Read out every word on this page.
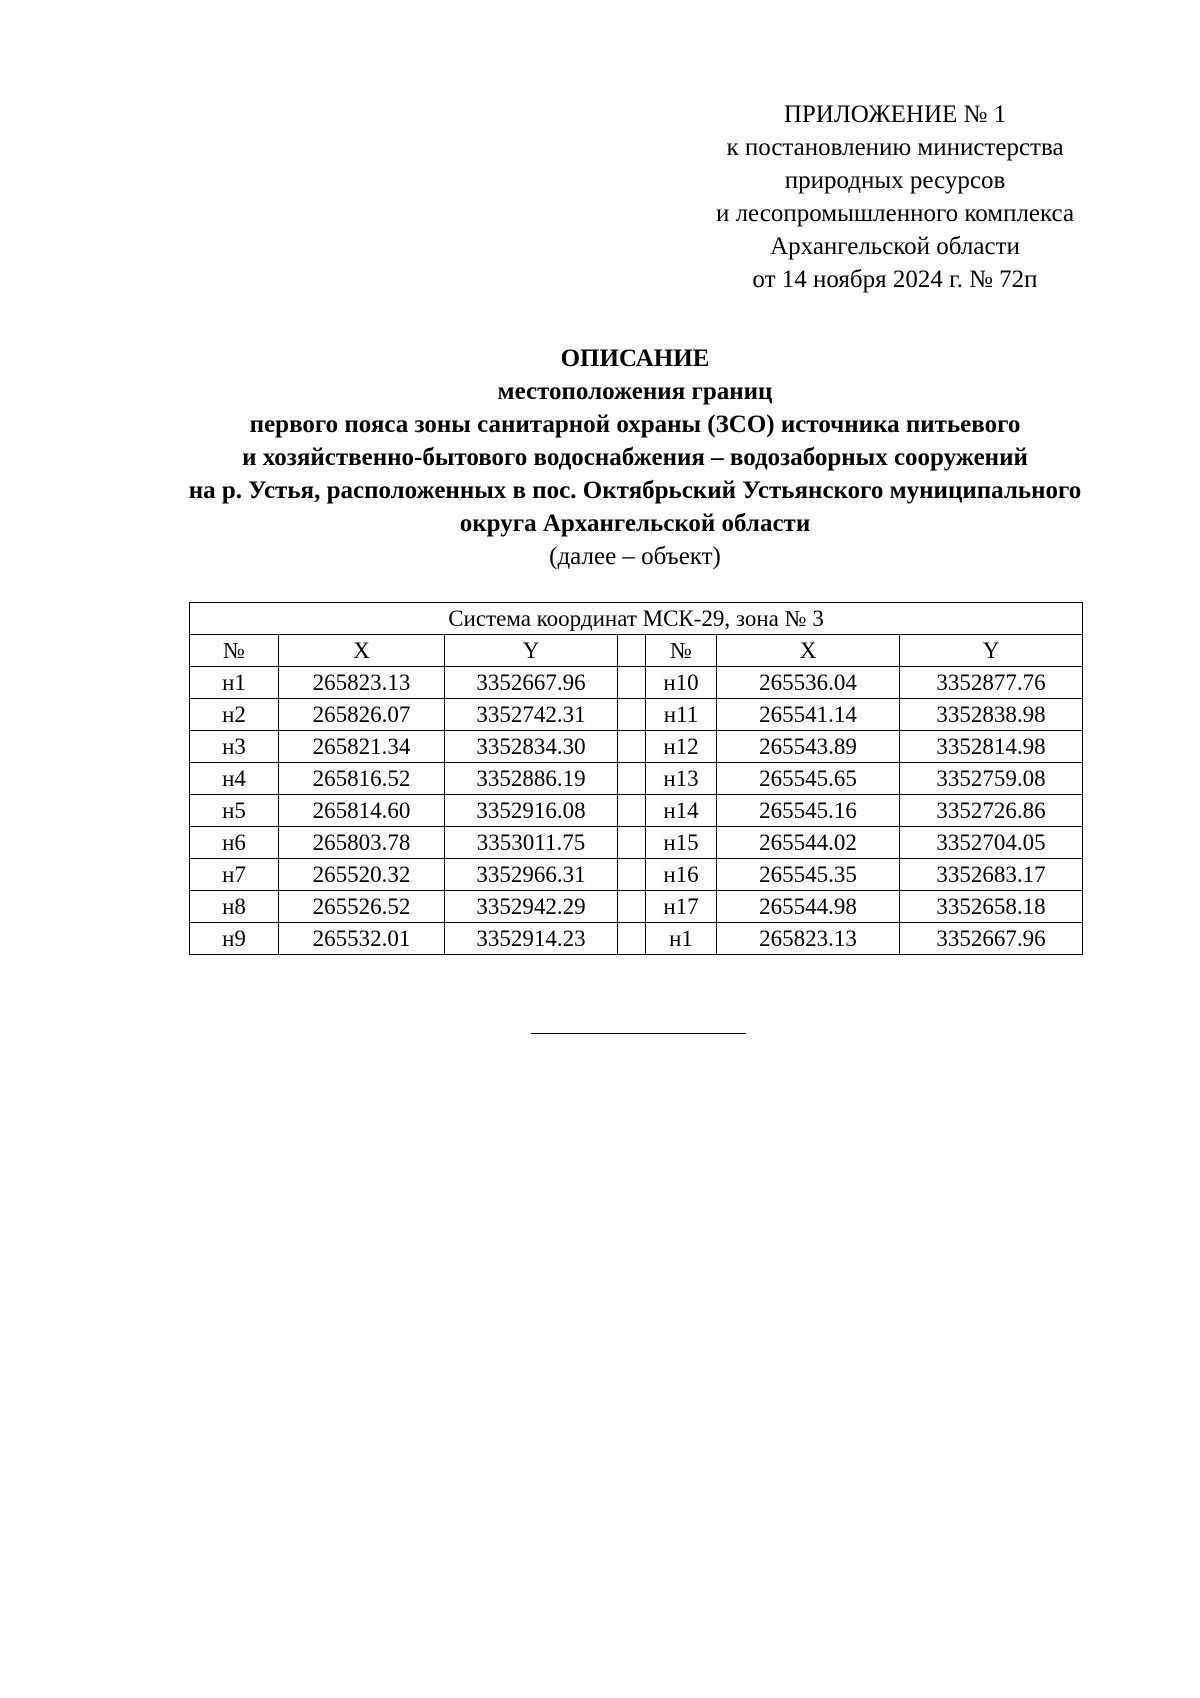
ПРИЛОЖЕНИЕ № 1
к постановлению министерства
природных ресурсов
и лесопромышленного комплекса
Архангельской области
от 14 ноября 2024 г. № 72п
ОПИСАНИЕ
местоположения границ
первого пояса зоны санитарной охраны (ЗСО) источника питьевого
и хозяйственно-бытового водоснабжения – водозаборных сооружений
на р. Устья, расположенных в пос. Октябрьский Устьянского муниципального
округа Архангельской области
(далее – объект)
Система координат МСК-29, зона № 3						
№	X	Y		№	X	Y
н1	265823.13	3352667.96		н10	265536.04	3352877.76
н2	265826.07	3352742.31		н11	265541.14	3352838.98
н3	265821.34	3352834.30		н12	265543.89	3352814.98
н4	265816.52	3352886.19		н13	265545.65	3352759.08
н5	265814.60	3352916.08		н14	265545.16	3352726.86
н6	265803.78	3353011.75		н15	265544.02	3352704.05
н7	265520.32	3352966.31		н16	265545.35	3352683.17
н8	265526.52	3352942.29		н17	265544.98	3352658.18
н9	265532.01	3352914.23		н1	265823.13	3352667.96
